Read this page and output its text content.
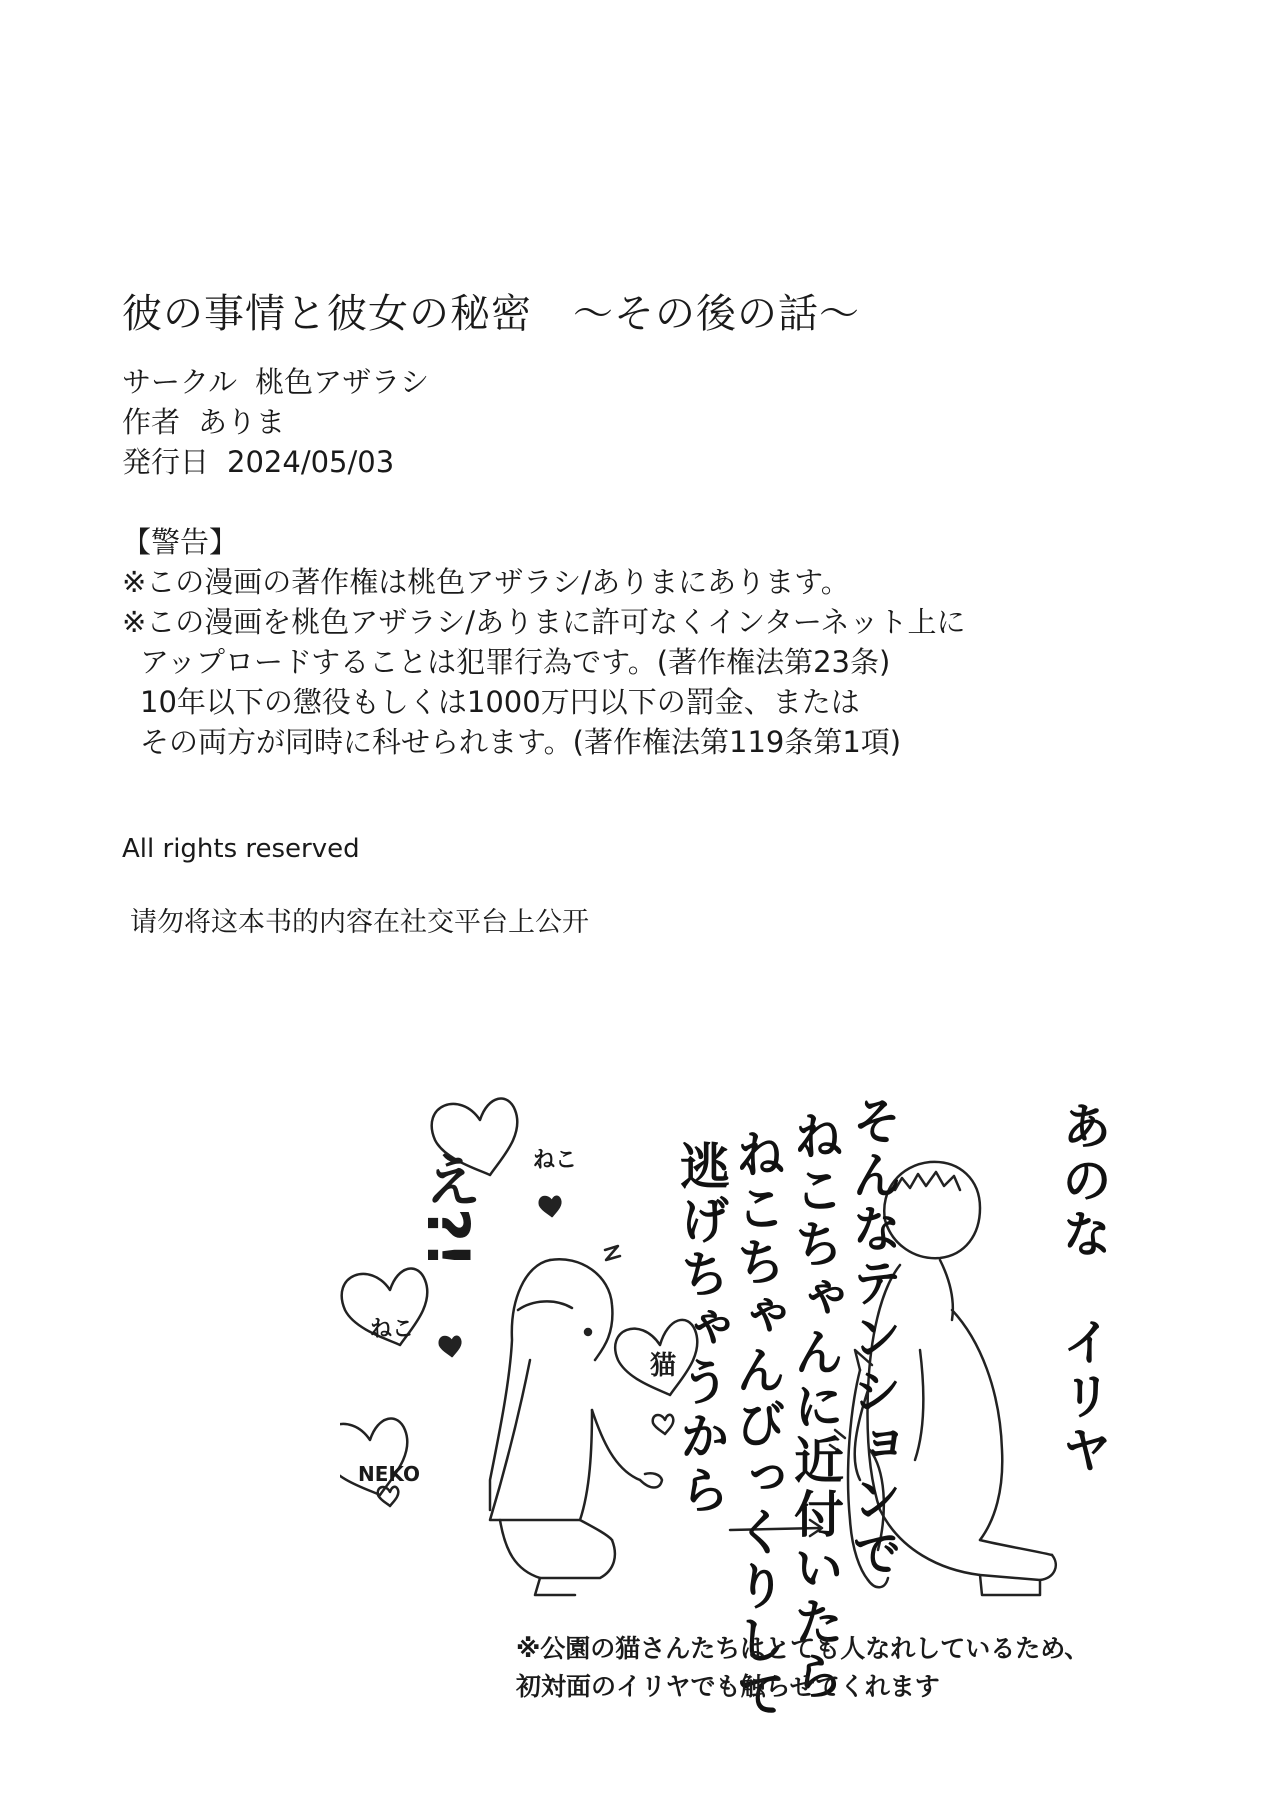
彼の事情と彼女の秘密　～その後の話～
サークル 桃色アザラシ
作者 ありま
発行日 2024/05/03
【警告】
※この漫画の著作権は桃色アザラシ/ありまにあります。
※この漫画を桃色アザラシ/ありまに許可なくインターネット上に
アップロードすることは犯罪行為です。(著作権法第23条)
10年以下の懲役もしくは1000万円以下の罰金、または
その両方が同時に科せられます。(著作権法第119条第1項)
All rights reserved
请勿将这本书的内容在社交平台上公开
あのな　イリヤ
そんなテンションで
ねこちゃんに近付いたら
ねこちゃんびっくりして
逃げちゃうから
え?! ねこ
ねこ
NEKO
猫
※公園の猫さんたちはとても人なれしているため、
初対面のイリヤでも触らせてくれます
